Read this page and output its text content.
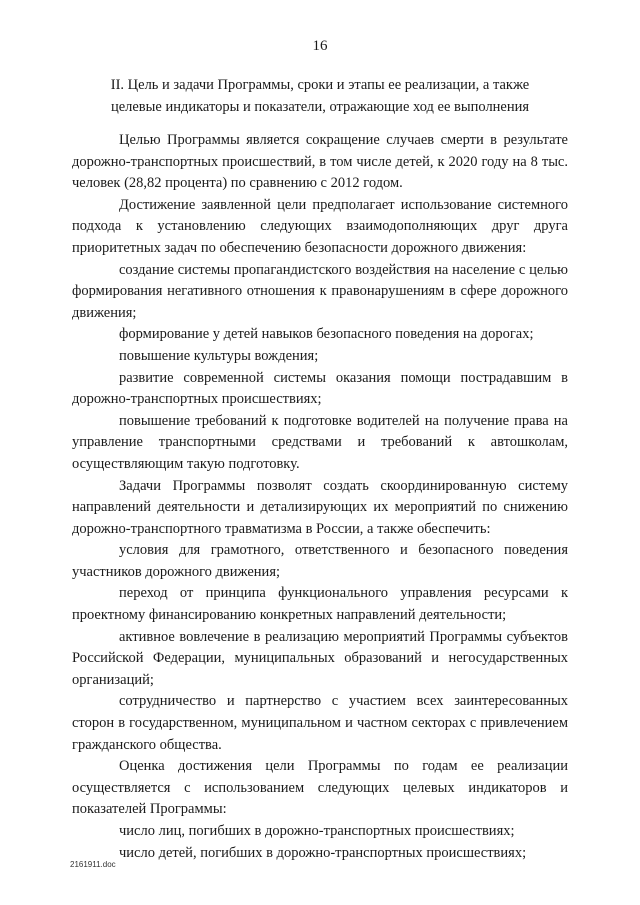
16
II. Цель и задачи Программы, сроки и этапы ее реализации, а также
целевые индикаторы и показатели, отражающие ход ее выполнения

Целью Программы является сокращение случаев смерти в результате дорожно-транспортных происшествий, в том числе детей, к 2020 году на 8 тыс. человек (28,82 процента) по сравнению с 2012 годом.

Достижение заявленной цели предполагает использование системного подхода к установлению следующих взаимодополняющих друг друга приоритетных задач по обеспечению безопасности дорожного движения:

создание системы пропагандистского воздействия на население с целью формирования негативного отношения к правонарушениям в сфере дорожного движения;

формирование у детей навыков безопасного поведения на дорогах;

повышение культуры вождения;

развитие современной системы оказания помощи пострадавшим в дорожно-транспортных происшествиях;

повышение требований к подготовке водителей на получение права на управление транспортными средствами и требований к автошколам, осуществляющим такую подготовку.

Задачи Программы позволят создать скоординированную систему направлений деятельности и детализирующих их мероприятий по снижению дорожно-транспортного травматизма в России, а также обеспечить:

условия для грамотного, ответственного и безопасного поведения участников дорожного движения;

переход от принципа функционального управления ресурсами к проектному финансированию конкретных направлений деятельности;

активное вовлечение в реализацию мероприятий Программы субъектов Российской Федерации, муниципальных образований и негосударственных организаций;

сотрудничество и партнерство с участием всех заинтересованных сторон в государственном, муниципальном и частном секторах с привлечением гражданского общества.

Оценка достижения цели Программы по годам ее реализации осуществляется с использованием следующих целевых индикаторов и показателей Программы:

число лиц, погибших в дорожно-транспортных происшествиях;

число детей, погибших в дорожно-транспортных происшествиях;

2161911.doc
